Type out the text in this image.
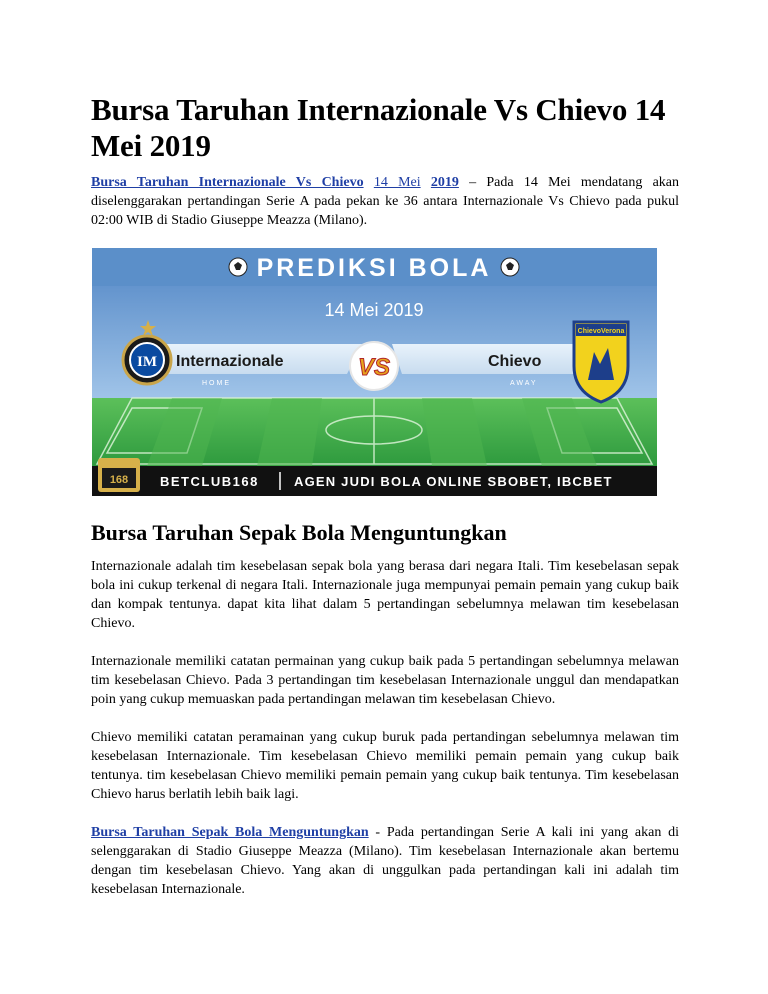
Bursa Taruhan Internazionale Vs Chievo 14 Mei 2019

Bursa Taruhan Internazionale Vs Chievo 14 Mei 2019 – Pada 14 Mei mendatang akan diselenggarakan pertandingan Serie A pada pekan ke 36 antara Internazionale Vs Chievo pada pukul 02:00 WIB di Stadio Giuseppe Meazza (Milano).

PREDIKSI BOLA
14 Mei 2019
Internazionale
HOME
Chievo
AWAY
IM	VS
ChievoVerona
168 BETCLUB168	AGEN JUDI BOLA ONLINE SBOBET, IBCBET
Bursa Taruhan Sepak Bola Menguntungkan

Internazionale adalah tim kesebelasan sepak bola yang berasa dari negara Itali. Tim kesebelasan sepak bola ini cukup terkenal di negara Itali. Internazionale juga mempunyai pemain pemain yang cukup baik dan kompak tentunya. dapat kita lihat dalam 5 pertandingan sebelumnya melawan tim kesebelasan Chievo.

Internazionale memiliki catatan permainan yang cukup baik pada 5 pertandingan sebelumnya melawan tim kesebelasan Chievo. Pada 3 pertandingan tim kesebelasan Internazionale unggul dan mendapatkan poin yang cukup memuaskan pada pertandingan melawan tim kesebelasan Chievo.

Chievo memiliki catatan peramainan yang cukup buruk pada pertandingan sebelumnya melawan tim kesebelasan Internazionale. Tim kesebelasan Chievo memiliki pemain pemain yang cukup baik tentunya. tim kesebelasan Chievo memiliki pemain pemain yang cukup baik tentunya. Tim kesebelasan Chievo harus berlatih lebih baik lagi.

Bursa Taruhan Sepak Bola Menguntungkan - Pada pertandingan Serie A kali ini yang akan di selenggarakan di Stadio Giuseppe Meazza (Milano). Tim kesebelasan Internazionale akan bertemu dengan tim kesebelasan Chievo. Yang akan di unggulkan pada pertandingan kali ini adalah tim kesebelasan Internazionale.
